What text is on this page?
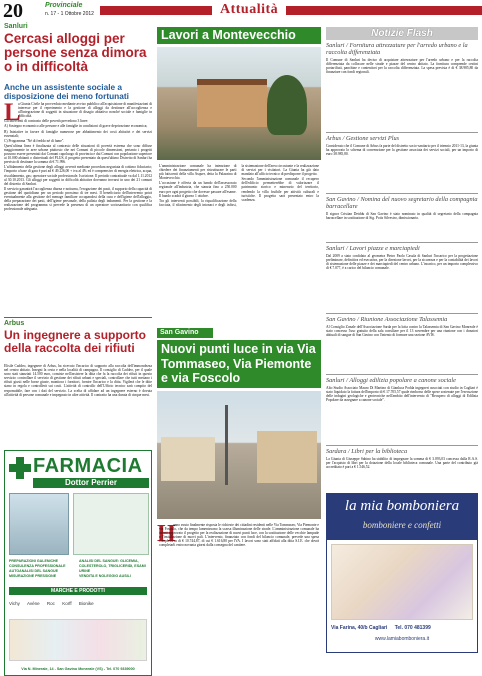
20	Provinciale
n. 17 - 1 Ottobre 2012	Attualità
Sanluri
Cercasi alloggi per persone senza dimora o in difficoltà
Anche un assistente sociale a disposizione dei meno fortunati
L

a Giunta Civile ha provveduto mediante avviso pubblico all'acquisizione di manifestazioni di interesse per il reperimento e la gestione di alloggi da destinare all'accoglienza e all'integrazione di soggetti in situazione di disagio abitativo nonché sociale e famiglie in difficoltà.

Gli interventi di contrasto delle povertà prevedono 3 linee:

A) Sostegno economico alle persone e alle famiglie in condizioni di grave deprivazione economica;

B) Iniziative in favore di famiglie numerose per abbattimento dei costi abitativi e dei servizi essenziali;

C) Programma "Né di freddo né di fame".

Quest'ultima linea è finalizzata al contrasto delle situazioni di povertà estrema che sono diffuse maggiormente in aree urbane piuttosto che nei Comuni di piccole dimensioni, pertanto i progetti possono essere presentati dai Comuni capoluogo di provincia e dai Comuni con popolazione superiore ai 10.000 abitanti o distrettuali del PLUS, il progetto presentato da quest'ultimo Distretto di Sanluri ha previsto di destinare la somma di € 71.996.

L'affidamento della gestione degli alloggi avverrà mediante procedura negoziata di cottimo fiduciario; l'importo a base di gara è pari ad € 49.226,00 + iva al 4% ed è comprensivo di energia elettrica, acqua, riscaldamento, gas; operatore sociale professionale. Iscrizione. Il periodo contrattuale va dal 1.11.2012 al 30.10.2013. Gli alloggi per soggetti in difficoltà abitativa dovranno trovarsi in uno dei 21 comuni del distretto di Sanluri.

Il servizio garantirà l'accoglienza diurna e notturna, l'erogazione dei pasti, il supporto della capacità di gestione del quotidiano per un periodo prossimo di tre mesi. Il beneficiario dell'intervento potrà eventualmente alla gestione del menage familiare occupandosi della cura e dell'igiene dell'alloggio, della preparazione dei pasti, dell'igiene personale, della pulizia degli indumenti. Per la gestione e la realizzazione del programma si prevede la presenza di un operatore sociosanitario con qualifica professionale adeguata.

Arbus
Un ingegnere a supporto della raccolta dei rifiuti
Elisile Caddeo, ingegnere di Arbus, ha ricevuto l'incarico di supporto alla raccolta dell'immondezza nel centro abitato. Insegni la cesta e nella località di campagna. Il consiglio di Caddeo, per il quale sono stati stanziati 14.500 euro, consiste nell'assistere la ditta che fa la raccolta dei rifiuti in questo servizio: controllare il servizio di gestione dei rifiuti urbani e speciali, controllare che tutti mettano i rifiuti giusti nelle borse giuste, monitora i fornitori, fornire l'incarico e la ditta. Vigilerà che le ditte siano in regola e controllerà sui costi. L'attività di controllo dell'Ufficio tecnico sarà compito del responsabile, fare con i dati del servizio. La scelta di affidare ad un ingegnere esterno è dovuta all'attività di persone comunale e impegnato in altre attività. Il contratto ha una durata di cinque mesi.
FARMACIA
Dottor Perrier
PREPARAZIONI GALENICHE
CONSULENZA PROFESSIONALE
AUTOANALISI DEL SANGUE
MISURAZIONE PRESSIONE
ANALISI DEL SANGUE: GLICEMIA, COLESTEROLO, TRIGLICERIDI, ESAMI URINE
VENDITA E NOLEGGIO AUSILI
MARCHE E PRODOTTI
Vichy Avène Roc Korff Bionike
Via N. Minerale, 14 - San Gavino Monreale (VS) - Tel. 070 9339000
Lavori a Montevecchio

L'amministrazione comunale ha intenzione di chiedere dei finanziamenti per ristrutturare le parti più fatiscenti della villa Asquer, detta la Palazzina di Montevecchio.

L'occasione è offerta da un bando dell'assessorato regionale all'industria, che stanzia fino a 250.000 euro per ogni progetto che dovesse passare all'esame. Il bando scadrà il giorno 1 ottobre.

Tra gli interventi possibili, la riqualificazione della facciata, il rifacimento degli intonaci e degli infissi, la sistemazione dell'area circostante e la realizzazione di servizi per i visitatori. La Giunta ha già dato mandato all'ufficio tecnico di predisporre il progetto.

Secondo l'amministrazione comunale il recupero dell'edificio permetterebbe di valorizzare il patrimonio storico e minerario del territorio, rendendo la villa fruibile per attività culturali e turistiche. Il progetto sarà presentato entro la scadenza.

San Gavino
Nuovi punti luce in via Via Tommaseo, Via Piemonte e via Foscolo
H
anno avuto finalmente risposta le richieste dei cittadini residenti nelle Via Tommaseo, Via Piemonte e via Foscolo, che da tempo lamentavano la scarsa illuminazione delle strade. L'amministrazione comunale ha infatti approvato il progetto per la realizzazione di nuovi punti luce, con la sostituzione delle vecchie lampade e l'installazione di nuovi pali. L'intervento, finanziato con fondi del bilancio comunale, prevede una spesa complessiva di € 10.744,87, di cui € 1.616,80 per IVA. I lavori sono stati affidati alla ditta S.I.E. che dovrà completarli entro novanta giorni dalla consegna del cantiere.
Notizie Flash
Sanluri / Fornitura attrezzature per l'arredo urbano e la raccolta differenziata
Il Comune di Sanluri ha deciso di acquistare attrezzature per l'arredo urbano e per la raccolta differenziata da collocare nelle strade e piazze del centro abitato. La fornitura comprende cestini portarifiuti, panchine e contenitori per la raccolta differenziata. La spesa prevista è di € 38.985,80 da finanziare con fondi regionali.
Arbus / Gestione servizi Plus
Considerato che il Comune di Arbus fa parte del distretto socio-sanitario per il triennio 2011-13, la giunta ha approvato lo schema di convenzione per la gestione associata dei servizi sociali, per un importo di euro 38.985,80.
San Gavino / Nomina del nuovo segretario della compagnia barracellare
Il signor Cristian Deiddu di San Gavino è stato nominato in qualità di segretario della compagnia barracellare in sostituzione di Sig. Potis Silvestro, dimissionario.
Sanluri / Lavori piazze e marciapiedi
Dal 2009 a stato confidato al geometra Pietro Paolo Casula di Sanluri l'incarico per la progettazione preliminare, definitiva ed esecutiva, per la direzione lavori, per la sicurezza e per la contabilità dei lavori di sistemazione delle piazze e dei marciapiedi del centro urbano. L'incarico, per un importo complessivo di € 7.077, è a carico del bilancio comunale.
San Gavino / Riunione Associazione Talassemia
Al Consiglio Zonale dell'Associazione Sarda per la lotta contro la Talassemia di San Gavino Monreale è stato concesso l'uso gratuito della sala consiliare per il 13 novembre per una riunione con i donatori abituali di sangue di San Gavino con l'intento di formare una sezione AVIS.
Sanluri / Alloggi edilizia popolare a canone sociale
Alto Studio Associato Mauro Di Martino di Gianluca Podda ingegneri associati con studio in Cagliari è stato liquidato la fattura dell'importo di € 17.705,57 quale rimborso delle spese sostenute per l'esecuzione delle indagini geologiche e geotecniche nell'ambito dell'intervento di "Recupero di alloggi di Edilizia Popolare da assegnare a canone sociale".
Sardara / Libri per la biblioteca
La Giunta di Giuseppe Sabino ha stabilito di impegnare la somma di € 3.093,03 concessa dalla R.A.S. per l'acquisto di libri per la dotazione della locale biblioteca comunale. Una parte del contributo già accreditato è pari a € 1.546,52.
la mia bomboniera
bomboniere e confetti
Via Farina, 40/b Cagliari Tel. 070 481399
www.lamiabomboniera.it
